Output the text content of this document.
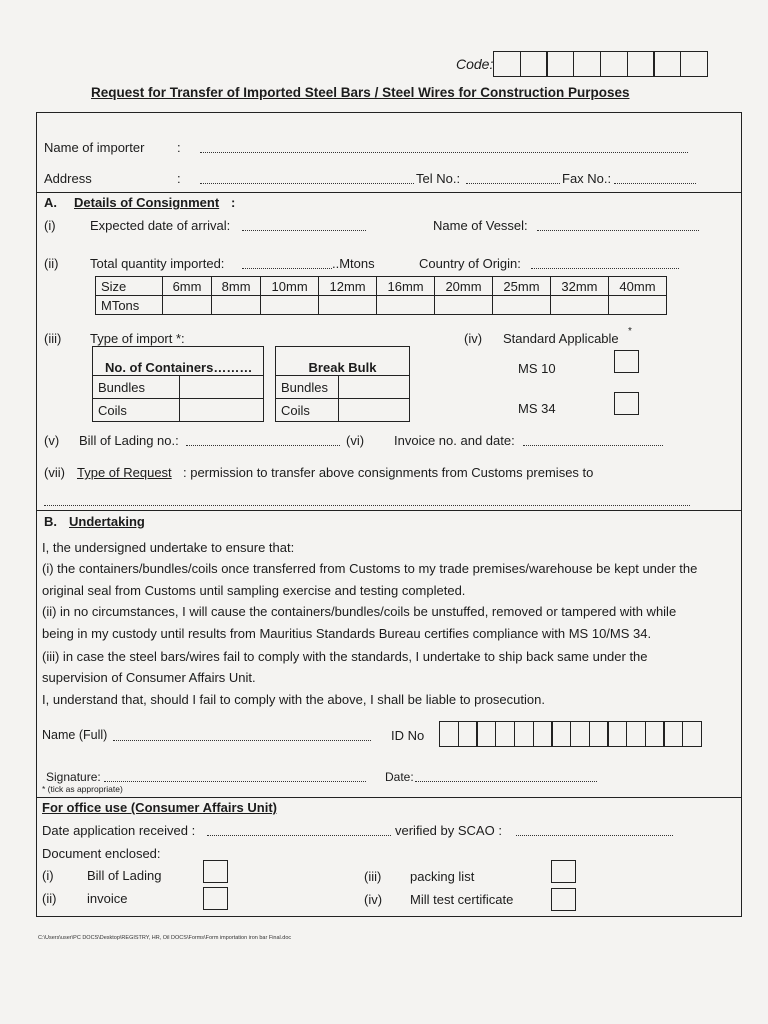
Code:
Request for Transfer of Imported Steel Bars / Steel Wires for Construction Purposes
Name of importer	:
Address	:	Tel No.:	Fax No.:
A. Details of Consignment :
(i)	Expected date of arrival:	Name of Vessel:
(ii) Total quantity imported:	..Mtons	Country of Origin:
Size	6mm	8mm	10mm	12mm	16mm	20mm	25mm	32mm	40mm
MTons									
(iii) Type of import *:	(iv) Standard Applicable *
No. of Containers………	
Bundles	
Coils	
Break Bulk	
Bundles	
Coils	
MS 10
MS 34
(v) Bill of Lading no.:	(vi) Invoice no. and date:
(vii) Type of Request : permission to transfer above consignments from Customs premises to
B. Undertaking
I, the undersigned undertake to ensure that:
(i) the containers/bundles/coils once transferred from Customs to my trade premises/warehouse be kept under the
original seal from Customs until sampling exercise and testing completed.
(ii) in no circumstances, I will cause the containers/bundles/coils be unstuffed, removed or tampered with while
being in my custody until results from Mauritius Standards Bureau certifies compliance with MS 10/MS 34.
(iii) in case the steel bars/wires fail to comply with the standards, I undertake to ship back same under the
supervision of Consumer Affairs Unit.
I, understand that, should I fail to comply with the above, I shall be liable to prosecution.
Name (Full)	ID No
Signature:	Date:
* (tick as appropriate)
For office use (Consumer Affairs Unit)
Date application received :	verified by SCAO :
Document enclosed:
(i)	Bill of Lading
(ii) invoice
(iii) packing list
(iv) Mill test certificate
C:\Users\user\PC DOCS\Desktop\REGISTRY, HR, Oil DOCS\Forms\Form importation iron bar Final.doc
